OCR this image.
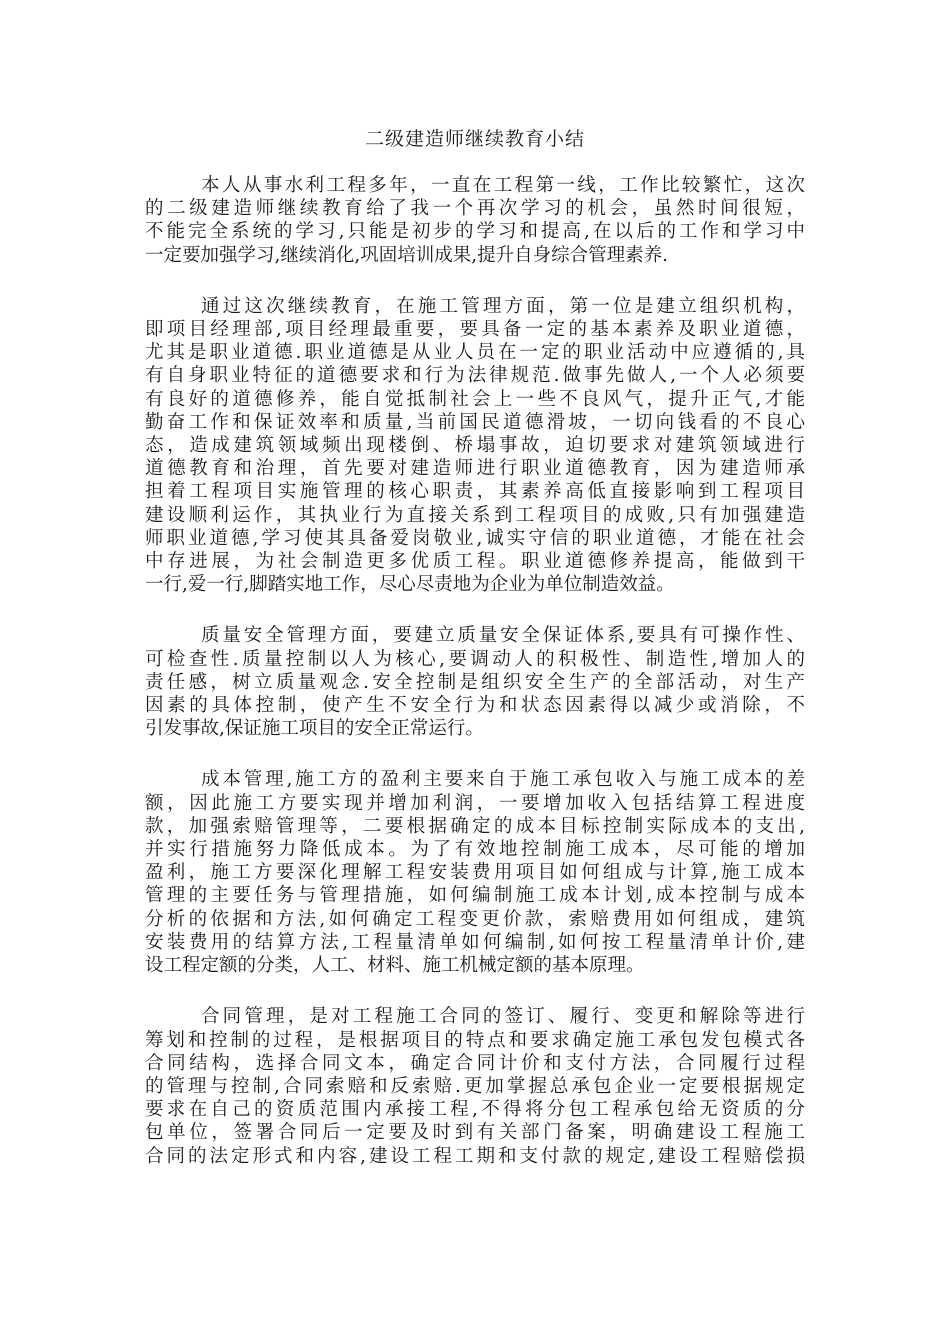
二级建造师继续教育小结
本人从事水利工程多年，一直在工程第一线，工作比较繁忙，这次
的二级建造师继续教育给了我一个再次学习的机会，虽然时间很短，
不能完全系统的学习,只能是初步的学习和提高,在以后的工作和学习中
一定要加强学习,继续消化,巩固培训成果,提升自身综合管理素养.
通过这次继续教育，在施工管理方面，第一位是建立组织机构，
即项目经理部,项目经理最重要，要具备一定的基本素养及职业道德，
尤其是职业道德.职业道德是从业人员在一定的职业活动中应遵循的,具
有自身职业特征的道德要求和行为法律规范.做事先做人,一个人必须要
有良好的道德修养，能自觉抵制社会上一些不良风气，提升正气,才能
勤奋工作和保证效率和质量,当前国民道德滑坡，一切向钱看的不良心
态，造成建筑领域频出现楼倒、桥塌事故，迫切要求对建筑领域进行
道德教育和治理，首先要对建造师进行职业道德教育，因为建造师承
担着工程项目实施管理的核心职责，其素养高低直接影响到工程项目
建设顺利运作，其执业行为直接关系到工程项目的成败,只有加强建造
师职业道德,学习使其具备爱岗敬业,诚实守信的职业道德，才能在社会
中存进展，为社会制造更多优质工程。职业道德修养提高，能做到干
一行,爱一行,脚踏实地工作，尽心尽责地为企业为单位制造效益。
质量安全管理方面，要建立质量安全保证体系,要具有可操作性、
可检查性.质量控制以人为核心,要调动人的积极性、制造性,增加人的
责任感，树立质量观念.安全控制是组织安全生产的全部活动，对生产
因素的具体控制，使产生不安全行为和状态因素得以减少或消除，不
引发事故,保证施工项目的安全正常运行。
成本管理,施工方的盈利主要来自于施工承包收入与施工成本的差
额，因此施工方要实现并增加利润，一要增加收入包括结算工程进度
款，加强索赔管理等，二要根据确定的成本目标控制实际成本的支出,
并实行措施努力降低成本。为了有效地控制施工成本，尽可能的增加
盈利，施工方要深化理解工程安装费用项目如何组成与计算,施工成本
管理的主要任务与管理措施，如何编制施工成本计划,成本控制与成本
分析的依据和方法,如何确定工程变更价款，索赔费用如何组成，建筑
安装费用的结算方法,工程量清单如何编制,如何按工程量清单计价,建
设工程定额的分类，人工、材料、施工机械定额的基本原理。
合同管理，是对工程施工合同的签订、履行、变更和解除等进行
筹划和控制的过程，是根据项目的特点和要求确定施工承包发包模式各
合同结构，选择合同文本，确定合同计价和支付方法，合同履行过程
的管理与控制,合同索赔和反索赔.更加掌握总承包企业一定要根据规定
要求在自己的资质范围内承接工程,不得将分包工程承包给无资质的分
包单位，签署合同后一定要及时到有关部门备案，明确建设工程施工
合同的法定形式和内容,建设工程工期和支付款的规定,建设工程赔偿损
